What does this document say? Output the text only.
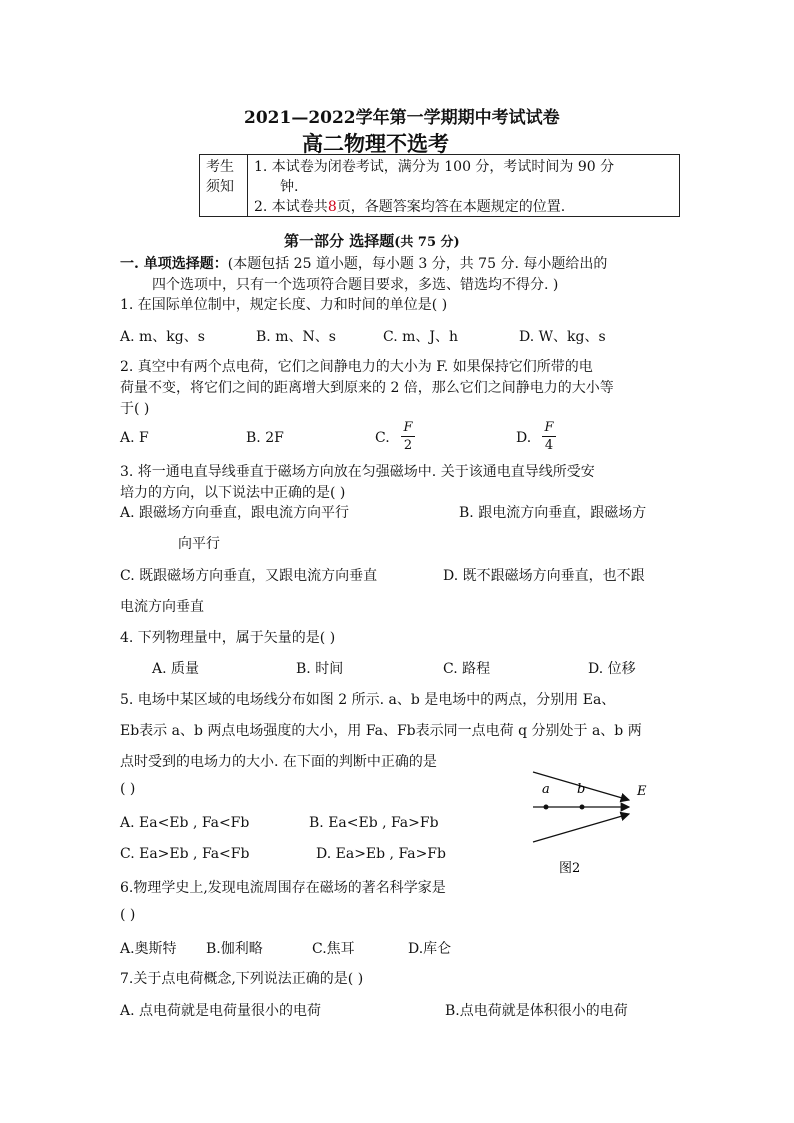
2021—2022学年第一学期期中考试试卷
高二物理不选考
考生须知
1. 本试卷为闭卷考试，满分为 100 分，考试时间为 90 分
钟.
2. 本试卷共8页，各题答案均答在本题规定的位置.
第一部分 选择题(共 75 分)
一. 单项选择题：(本题包括 25 道小题，每小题 3 分，共 75 分. 每小题给出的
四个选项中，只有一个选项符合题目要求，多选、错选均不得分. )
1. 在国际单位制中，规定长度、力和时间的单位是( )
A. m、kg、s	B. m、N、s	C. m、J、h	D. W、kg、s
2. 真空中有两个点电荷，它们之间静电力的大小为 F. 如果保持它们所带的电
荷量不变，将它们之间的距离增大到原来的 2 倍，那么它们之间静电力的大小等
于( )
A. F	B. 2F	C.
F
2	D.
F
4
3. 将一通电直导线垂直于磁场方向放在匀强磁场中. 关于该通电直导线所受安
培力的方向，以下说法中正确的是( )
A. 跟磁场方向垂直，跟电流方向平行	B. 跟电流方向垂直，跟磁场方
向平行
C. 既跟磁场方向垂直，又跟电流方向垂直	D. 既不跟磁场方向垂直，也不跟
电流方向垂直
4. 下列物理量中，属于矢量的是( )
A. 质量	B. 时间	C. 路程	D. 位移
5. 电场中某区域的电场线分布如图 2 所示. a、b 是电场中的两点，分别用 Ea、
Eb表示 a、b 两点电场强度的大小，用 Fa、Fb表示同一点电荷 q 分别处于 a、b 两
点时受到的电场力的大小. 在下面的判断中正确的是
( )
A. Ea<Eb , Fa<Fb	B. Ea<Eb , Fa>Fb
C. Ea>Eb , Fa<Fb	D. Ea>Eb , Fa>Fb
a b	E
图2
6.物理学史上,发现电流周围存在磁场的著名科学家是
( )
A.奥斯特 B.伽利略	C.焦耳	D.库仑
7.关于点电荷概念,下列说法正确的是( )
A. 点电荷就是电荷量很小的电荷	B.点电荷就是体积很小的电荷
